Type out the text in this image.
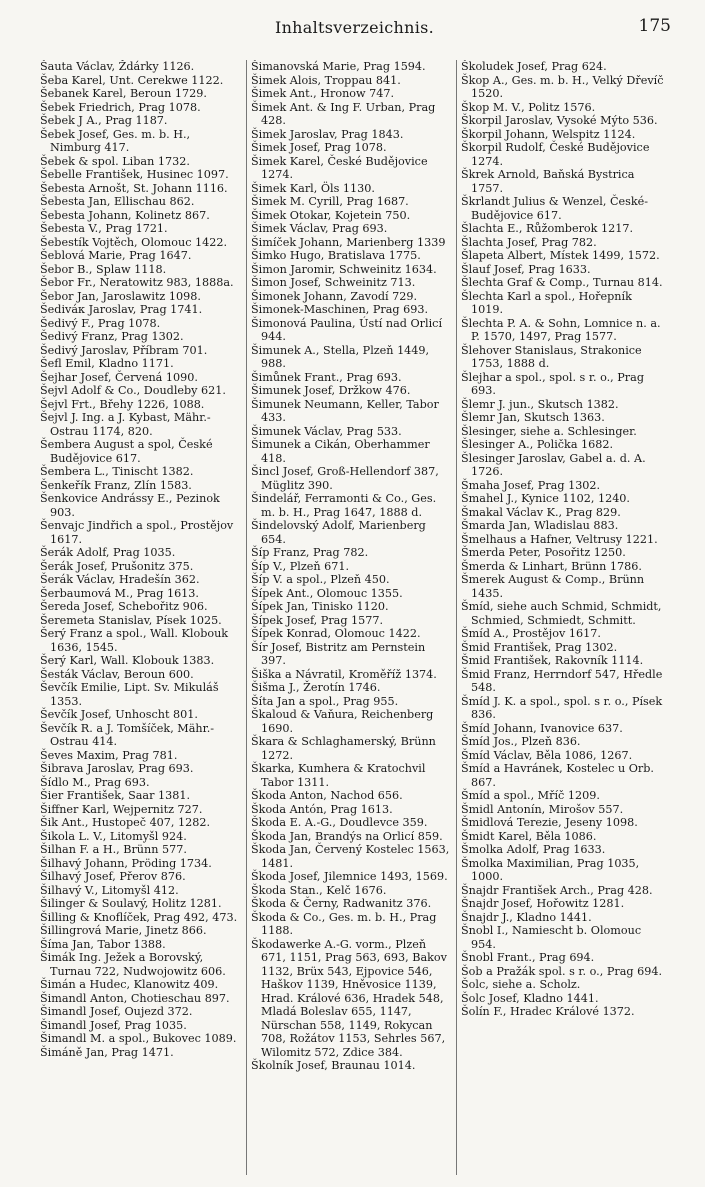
Inhaltsverzeichnis.	175

Šauta Václav, Ždárky 1126.

Šeba Karel, Unt. Cerekwe 1122.

Šebanek Karel, Beroun 1729.

Šebek Friedrich, Prag 1078.

Šebek J A., Prag 1187.

Šebek Josef, Ges. m. b. H., Nimburg 417.

Šebek & spol. Liban 1732.

Šebelle František, Husinec 1097.

Šebesta Arnošt, St. Johann 1116.

Šebesta Jan, Ellischau 862.

Šebesta Johann, Kolinetz 867.

Šebesta V., Prag 1721.

Šebestík Vojtěch, Olomouc 1422.

Šeblová Marie, Prag 1647.

Šebor B., Splaw 1118.

Šebor Fr., Neratowitz 983, 1888a.

Šebor Jan, Jaroslawitz 1098.

Šediváк Jaroslav, Prag 1741.

Šedivý F., Prag 1078.

Šedivý Franz, Prag 1302.

Šedivý Jaroslav, Příbram 701.

Šefl Emil, Kladno 1171.

Šejhar Josef, Červená 1090.

Šejvl Adolf & Co., Doudleby 621.

Šejvl Frt., Břehy 1226, 1088.

Šejvl J. Ing. a J. Kybast, Mähr.-Ostrau 1174, 820.

Šembera August a spol, České Budějovice 617.

Šembera L., Tinischt 1382.

Šenkeřík Franz, Zlín 1583.

Šenkovice Andrássy E., Pezinok 903.

Šenvajc Jindřich a spol., Prostějov 1617.

Šerák Adolf, Prag 1035.

Šerák Josef, Prušonitz 375.

Šerák Václav, Hradešín 362.

Šerbaumová M., Prag 1613.

Šereda Josef, Schebořitz 906.

Šeremeta Stanislav, Písek 1025.

Šerý Franz a spol., Wall. Klobouk 1636, 1545.

Šerý Karl, Wall. Klobouk 1383.

Šesták Václav, Beroun 600.

Ševčík Emilie, Lipt. Sv. Mikuláš 1353.

Ševčík Josef, Unhoscht 801.

Ševčík R. a J. Tomšíček, Mähr.-Ostrau 414.

Ševes Maxim, Prag 781.

Šibrava Jaroslav, Prag 693.

Šídlo M., Prag 693.

Šier František, Saar 1381.

Šiffner Karl, Wejpernitz 727.

Šik Ant., Hustopeč 407, 1282.

Šikola L. V., Litomyšl 924.

Šilhan F. a H., Brünn 577.

Šilhavý Johann, Pröding 1734.

Šilhavý Josef, Přerov 876.

Šilhavý V., Litomyšl 412.

Šilinger & Soulavý, Holitz 1281.

Šilling & Knoflíček, Prag 492, 473.

Šillingrová Marie, Jinetz 866.

Šíma Jan, Tabor 1388.

Šimák Ing. Ježek a Borovský, Turnau 722, Nudwojowitz 606.

Šimán a Hudec, Klanowitz 409.

Šimandl Anton, Chotieschau 897.

Šimandl Josef, Oujezd 372.

Šimandl Josef, Prag 1035.

Šimandl M. a spol., Bukovec 1089.

Šimáně Jan, Prag 1471.

Šimanovská Marie, Prag 1594.

Šimek Alois, Troppau 841.

Šimek Ant., Hronow 747.

Šimek Ant. & Ing F. Urban, Prag 428.

Šimek Jaroslav, Prag 1843.

Šimek Josef, Prag 1078.

Šimek Karel, České Budějovice 1274.

Šimek Karl, Öls 1130.

Šimek M. Cyrill, Prag 1687.

Šimek Otokar, Kojetein 750.

Šimek Václav, Prag 693.

Šimíček Johann, Marienberg 1339

Šimko Hugo, Bratislava 1775.

Šimon Jaromir, Schweinitz 1634.

Šimon Josef, Schweinitz 713.

Šimonek Johann, Zavodí 729.

Šimonek-Maschinen, Prag 693.

Šimonová Paulina, Ústí nad Orlicí 944.

Šimunek A., Stella, Plzeň 1449, 988.

Šimůnek Frant., Prag 693.

Šimunek Josef, Držkow 476.

Šimunek Neumann, Keller, Tabor 433.

Šimunek Václav, Prag 533.

Šimunek a Cikán, Oberhammer 418.

Šincl Josef, Groß-Hellendorf 387, Müglitz 390.

Šindelář, Ferramonti & Co., Ges. m. b. H., Prag 1647, 1888 d.

Šindelovský Adolf, Marienberg 654.

Šíp Franz, Prag 782.

Šíp V., Plzeň 671.

Šíp V. a spol., Plzeň 450.

Šípek Ant., Olomouc 1355.

Šípek Jan, Tinisko 1120.

Šípek Josef, Prag 1577.

Šípek Konrad, Olomouc 1422.

Šír Josef, Bistritz am Pernstein 397.

Šiška a Návratil, Kroměříž 1374.

Šišma J., Žerotín 1746.

Šíta Jan a spol., Prag 955.

Škaloud & Vaňura, Reichenberg 1690.

Škara & Schlaghamerský, Brünn 1272.

Škarka, Kumhera & Kratochvil Tabor 1311.

Škoda Anton, Nachod 656.

Škoda Antón, Prag 1613.

Škoda E. A.-G., Doudlevce 359.

Škoda Jan, Brandýs na Orlicí 859.

Škoda Jan, Červený Kostelec 1563, 1481.

Škoda Josef, Jilemnice 1493, 1569.

Škoda Stan., Kelč 1676.

Škoda & Černy, Radwanitz 376.

Škoda & Co., Ges. m. b. H., Prag 1188.

Škodawerke A.-G. vorm., Plzeň 671, 1151, Prag 563, 693, Bakov 1132, Brüx 543, Ejpovice 546, Haškov 1139, Hněvosice 1139, Hrad. Králové 636, Hradek 548, Mladá Boleslav 655, 1147, Nürschan 558, 1149, Rokycan 708, Rožátov 1153, Sehrles 567, Wilomitz 572, Zdice 384.

Školník Josef, Braunau 1014.

Školudek Josef, Prag 624.

Škop A., Ges. m. b. H., Velký Dřevíč 1520.

Škop M. V., Politz 1576.

Škorpil Jaroslav, Vysoké Mýto 536.

Škorpil Johann, Welspitz 1124.

Škorpil Rudolf, České Budějovice 1274.

Škrek Arnold, Baňská Bystrica 1757.

Škrlandt Julius & Wenzel, České-Budějovice 617.

Šlachta E., Růžomberok 1217.

Šlachta Josef, Prag 782.

Šlapeta Albert, Místek 1499, 1572.

Šlauf Josef, Prag 1633.

Šlechta Graf & Comp., Turnau 814.

Šlechta Karl a spol., Hořepník 1019.

Šlechta P. A. & Sohn, Lomnice n. a. P. 1570, 1497, Prag 1577.

Šlehover Stanislaus, Strakonice 1753, 1888 d.

Šlejhar a spol., spol. s r. o., Prag 693.

Šlemr J. jun., Skutsch 1382.

Šlemr Jan, Skutsch 1363.

Šlesinger, siehe a. Schlesinger.

Šlesinger A., Polička 1682.

Šlesinger Jaroslav, Gabel a. d. A. 1726.

Šmaha Josef, Prag 1302.

Šmahel J., Kynice 1102, 1240.

Šmakal Václav K., Prag 829.

Šmarda Jan, Wladislau 883.

Šmelhaus a Hafner, Veltrusy 1221.

Šmerda Peter, Posořitz 1250.

Šmerda & Linhart, Brünn 1786.

Šmerek August & Comp., Brünn 1435.

Šmíd, siehe auch Schmid, Schmidt, Schmied, Schmiedt, Schmitt.

Šmíd A., Prostějov 1617.

Šmid František, Prag 1302.

Šmid František, Rakovník 1114.

Šmid Franz, Herrndorf 547, Hředle 548.

Šmíd J. K. a spol., spol. s r. o., Písek 836.

Šmíd Johann, Ivanovice 637.

Šmíd Jos., Plzeň 836.

Šmíd Václav, Běla 1086, 1267.

Šmíd a Havránek, Kostelec u Orb. 867.

Šmíd a spol., Mříč 1209.

Šmidl Antonín, Mirošov 557.

Šmidlová Terezie, Jeseny 1098.

Šmidt Karel, Běla 1086.

Šmolka Adolf, Prag 1633.

Šmolka Maximilian, Prag 1035, 1000.

Šnajdr František Arch., Prag 428.

Šnajdr Josef, Hořowitz 1281.

Šnajdr J., Kladno 1441.

Šnobl I., Namiescht b. Olomouc 954.

Šnobl Frant., Prag 694.

Šob a Pražák spol. s r. o., Prag 694.

Šolc, siehe a. Scholz.

Šolc Josef, Kladno 1441.

Šolín F., Hradec Králové 1372.
